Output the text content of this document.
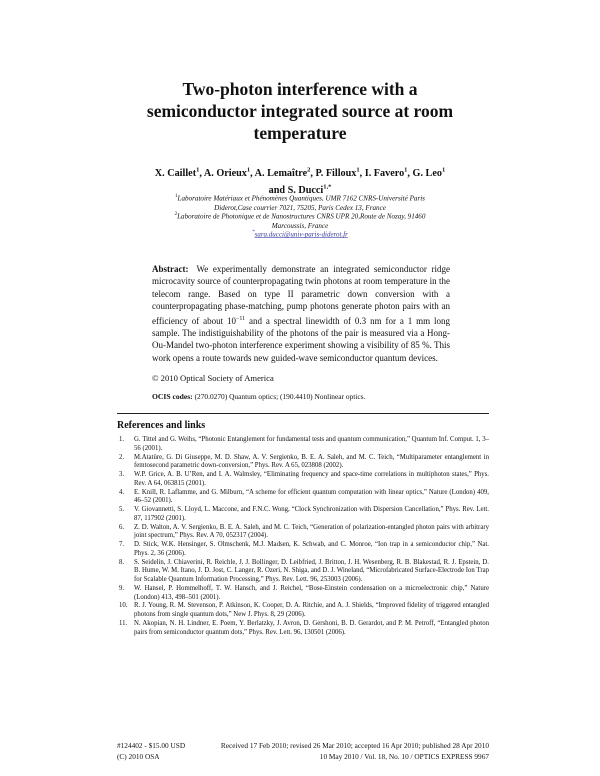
Two-photon interference with a
semiconductor integrated source at room
temperature
X. Caillet$^1$, A. Orieux$^1$, A. Lemaître$^2$, P. Filloux$^1$, I. Favero$^1$, G. Leo$^1$
and S. Ducci$^{1,*}$
$^1$Laboratoire Matériaux et Phénomènes Quantiques, UMR 7162 CNRS-Université Paris
Diderot,Case courrier 7021, 75205, Paris Cedex 13, France
$^2$Laboratoire de Photonique et de Nanostructures CNRS UPR 20,Route de Nozay, 91460
Marcoussis, France
*sara.ducci@univ-paris-diderot.fr
Abstract: We experimentally demonstrate an integrated semiconductor ridge microcavity source of counterpropagating twin photons at room temperature in the telecom range. Based on type II parametric down conversion with a counterpropagating phase-matching, pump photons generate photon pairs with an efficiency of about $10^{-11}$ and a spectral linewidth of 0.3 nm for a 1 mm long sample. The indistiguishability of the photons of the pair is measured via a Hong-Ou-Mandel two-photon interference experiment showing a visibility of 85 %. This work opens a route towards new guided-wave semiconductor quantum devices.
© 2010 Optical Society of America
OCIS codes: (270.0270) Quantum optics; (190.4410) Nonlinear optics.
References and links
1. G. Tittel and G. Weihs, “Photonic Entanglement for fundamental tests and quantum communication,” Quantum Inf. Comput. 1, 3–56 (2001).
2. M.Atatüre, G. Di Giuseppe, M. D. Shaw, A. V. Sergienko, B. E. A. Saleh, and M. C. Teich, “Multiparameter entanglement in femtosecond parametric down-conversion,” Phys. Rev. A 65, 023808 (2002).
3. W.P. Grice, A. B. U’Ren, and I. A. Walmsley, “Eliminating frequency and space-time correlations in multiphoton states,” Phys. Rev. A 64, 063815 (2001).
4. E. Knill, R. Laflamme, and G. Milburn, “A scheme for efficient quantum computation with linear optics,” Nature (London) 409, 46–52 (2001).
5. V. Giovannetti, S. Lloyd, L. Maccone, and F.N.C. Wong, “Clock Synchronization with Dispersion Cancellation,” Phys. Rev. Lett. 87, 117902 (2001).
6. Z. D. Walton, A. V. Sergienko, B. E. A. Saleh, and M. C. Teich, “Generation of polarization-entangled photon pairs with arbitrary joint spectrum,” Phys. Rev. A 70, 052317 (2004).
7. D. Stick, W.K. Hensinger, S. Olmschenk, M.J. Madsen, K. Schwab, and C. Monroe, “Ion trap in a semiconductor chip,” Nat. Phys. 2, 36 (2006).
8. S. Seidelin, J. Chiaverini, R. Reichle, J. J. Bollinger, D. Leibfried, J. Britton, J. H. Wesenberg, R. B. Blakestad, R. J. Epstein, D. B. Hume, W. M. Itano, J. D. Jost, C. Langer, R. Ozeri, N. Shiga, and D. J. Wineland, “Microfabricated Surface-Electrode Ion Trap for Scalable Quantum Information Processing,” Phys. Rev. Lett. 96, 253003 (2006).
9. W. Hansel, P. Hommelhoff, T. W. Hansch, and J. Reichel, “Bose-Einstein condensation on a microelectronic chip,” Nature (London) 413, 498–501 (2001).
10. R. J. Young, R. M. Stevenson, P. Atkinson, K. Cooper, D. A. Ritchie, and A. J. Shields, “Improved fidelity of triggered entangled photons from single quantum dots,” New J. Phys. 8, 29 (2006).
11. N. Akopian, N. H. Lindner, E. Poem, Y. Berlatzky, J. Avron, D. Gershoni, B. D. Gerardot, and P. M. Petroff, “Entangled photon pairs from semiconductor quantum dots,” Phys. Rev. Lett. 96, 130501 (2006).
#124402 - $15.00 USD	Received 17 Feb 2010; revised 26 Mar 2010; accepted 16 Apr 2010; published 28 Apr 2010
(C) 2010 OSA	10 May 2010 / Vol. 18, No. 10 / OPTICS EXPRESS 9967
